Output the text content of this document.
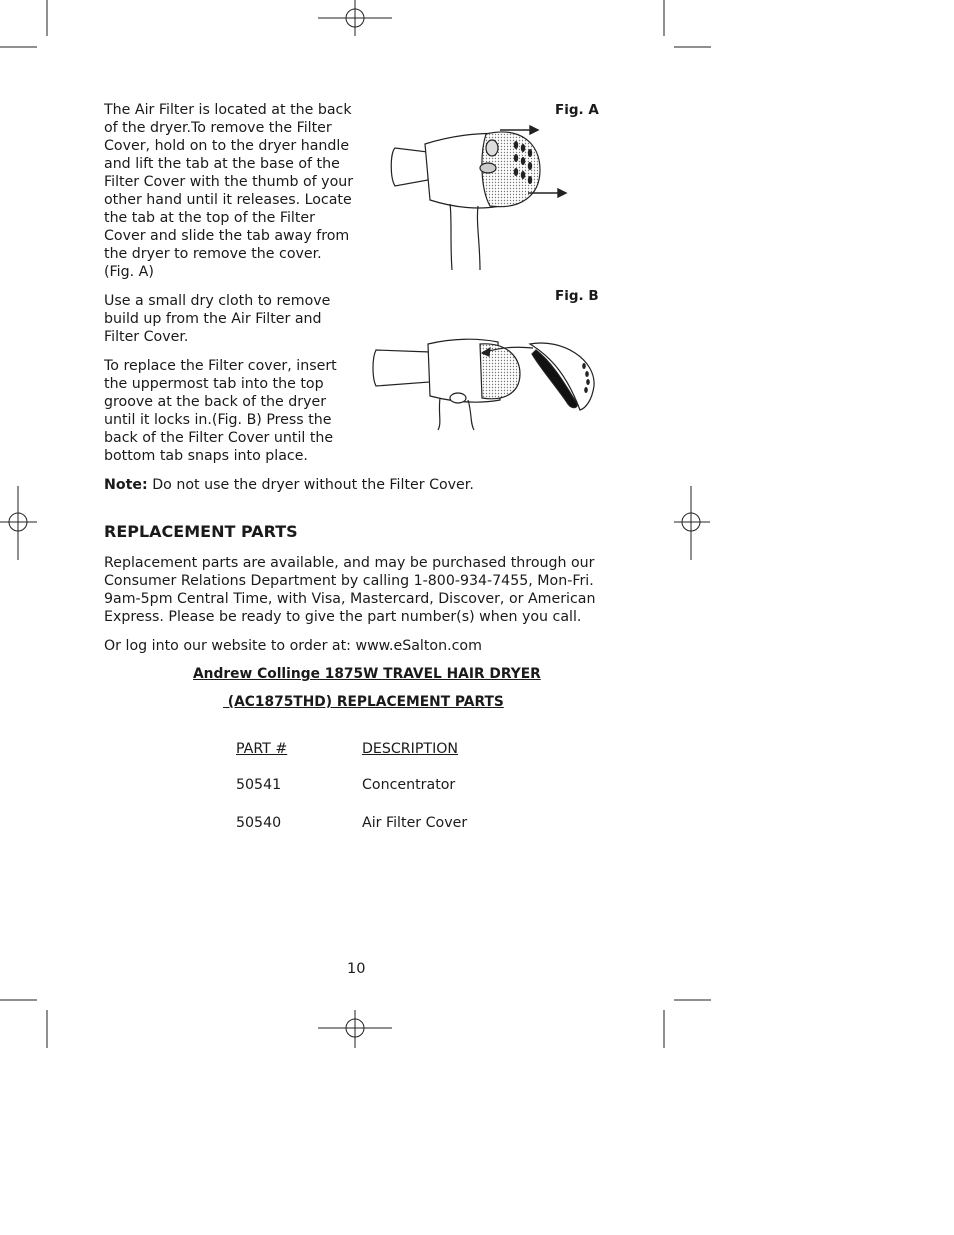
The Air Filter is located at the back of the dryer.To remove the Filter Cover, hold on to the dryer handle and lift the tab at the base of the Filter Cover with the thumb of your other hand until it releases. Locate the tab at the top of the Filter Cover and slide the tab away from the dryer to remove the cover. (Fig. A)

Use a small dry cloth to remove build up from the Air Filter and Filter Cover.

To replace the Filter cover, insert the uppermost tab into the top groove at the back of the dryer until it locks in.(Fig. B) Press the back of the Filter Cover until the bottom tab snaps into place.

Note: Do not use the dryer without the Filter Cover.

Fig. A
Fig. B
REPLACEMENT PARTS

Replacement parts are available, and may be purchased through our Consumer Relations Department by calling 1-800-934-7455, Mon-Fri. 9am-5pm Central Time, with Visa, Mastercard, Discover, or American Express. Please be ready to give the part number(s) when you call.

Or log into our website to order at: www.eSalton.com

Andrew Collinge 1875W TRAVEL HAIR DRYER
(AC1875THD) REPLACEMENT PARTS
PART #	DESCRIPTION
50541	Concentrator
50540	Air Filter Cover
10
